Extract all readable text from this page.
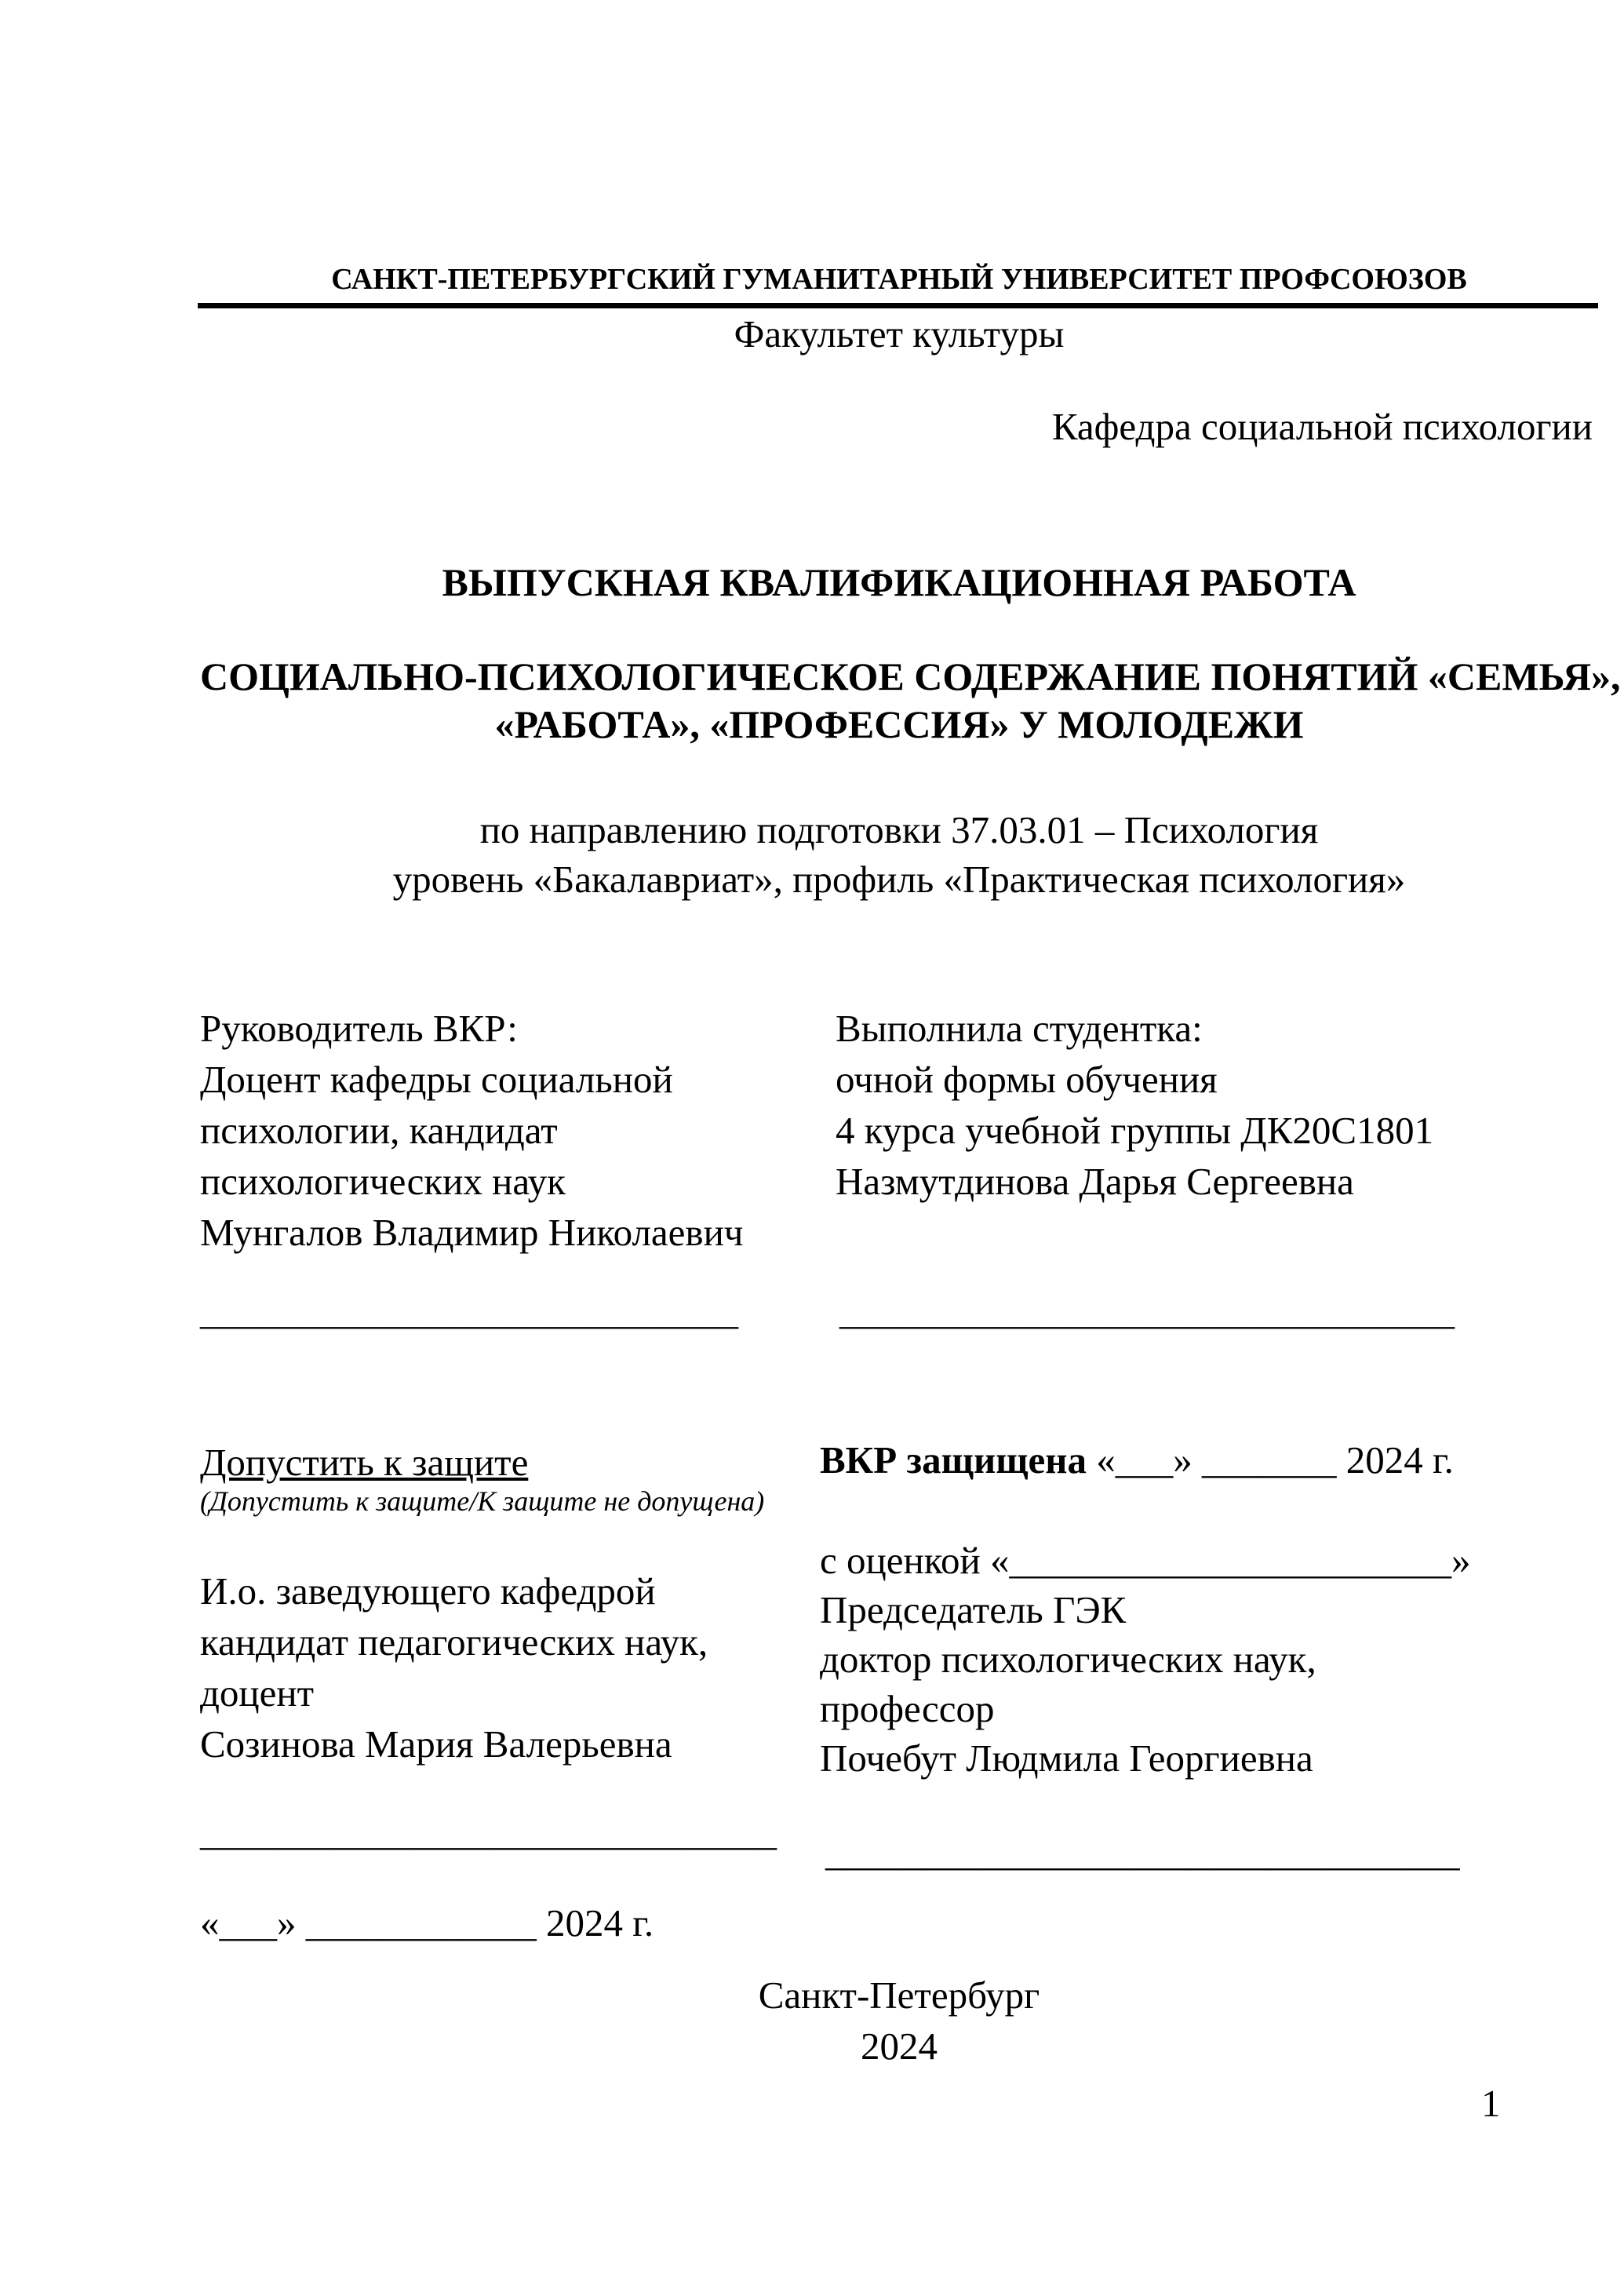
САНКТ-ПЕТЕРБУРГСКИЙ ГУМАНИТАРНЫЙ УНИВЕРСИТЕТ ПРОФСОЮЗОВ
Факультет культуры
Кафедра социальной психологии
ВЫПУСКНАЯ КВАЛИФИКАЦИОННАЯ РАБОТА
СОЦИАЛЬНО-ПСИХОЛОГИЧЕСКОЕ СОДЕРЖАНИЕ ПОНЯТИЙ «СЕМЬЯ»,
«РАБОТА», «ПРОФЕССИЯ» У МОЛОДЕЖИ
по направлению подготовки 37.03.01 – Психология
уровень «Бакалавриат», профиль «Практическая психология»
Руководитель ВКР:
Доцент кафедры социальной
психологии, кандидат
психологических наук
Мунгалов Владимир Николаевич
Выполнила студентка:
очной формы обучения
4 курса учебной группы ДК20С1801
Назмутдинова Дарья Сергеевна
____________________________	________________________________
Допустить к защите
(Допустить к защите/К защите не допущена)
И.о. заведующего кафедрой
кандидат педагогических наук,
доцент
Созинова Мария Валерьевна
ВКР защищена «___» _______ 2024 г.
с оценкой «_______________________»
Председатель ГЭК
доктор психологических наук,
профессор
Почебут Людмила Георгиевна
______________________________ _________________________________
«___» ____________ 2024 г.
Санкт-Петербург
2024
1
